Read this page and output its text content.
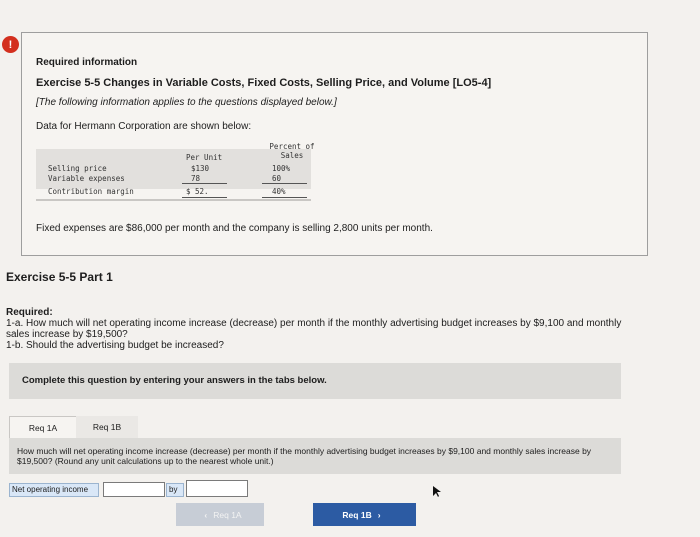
!
Required information
Exercise 5-5 Changes in Variable Costs, Fixed Costs, Selling Price, and Volume [LO5-4]
[The following information applies to the questions displayed below.]
Data for Hermann Corporation are shown below:
Per Unit
Percent of
Sales
Selling price	$130	100%
Variable expenses	78	60
Contribution margin	$ 52.	40%
Fixed expenses are $86,000 per month and the company is selling 2,800 units per month.
Exercise 5-5 Part 1
Required:
1-a. How much will net operating income increase (decrease) per month if the monthly advertising budget increases by $9,100 and monthly sales increase by $19,500?
1-b. Should the advertising budget be increased?
Complete this question by entering your answers in the tabs below.
Req 1A	Req 1B
How much will net operating income increase (decrease) per month if the monthly advertising budget increases by $9,100 and monthly sales increase by $19,500? (Round any unit calculations up to the nearest whole unit.)
Net operating income	by
‹ Req 1A	Req 1B ›
